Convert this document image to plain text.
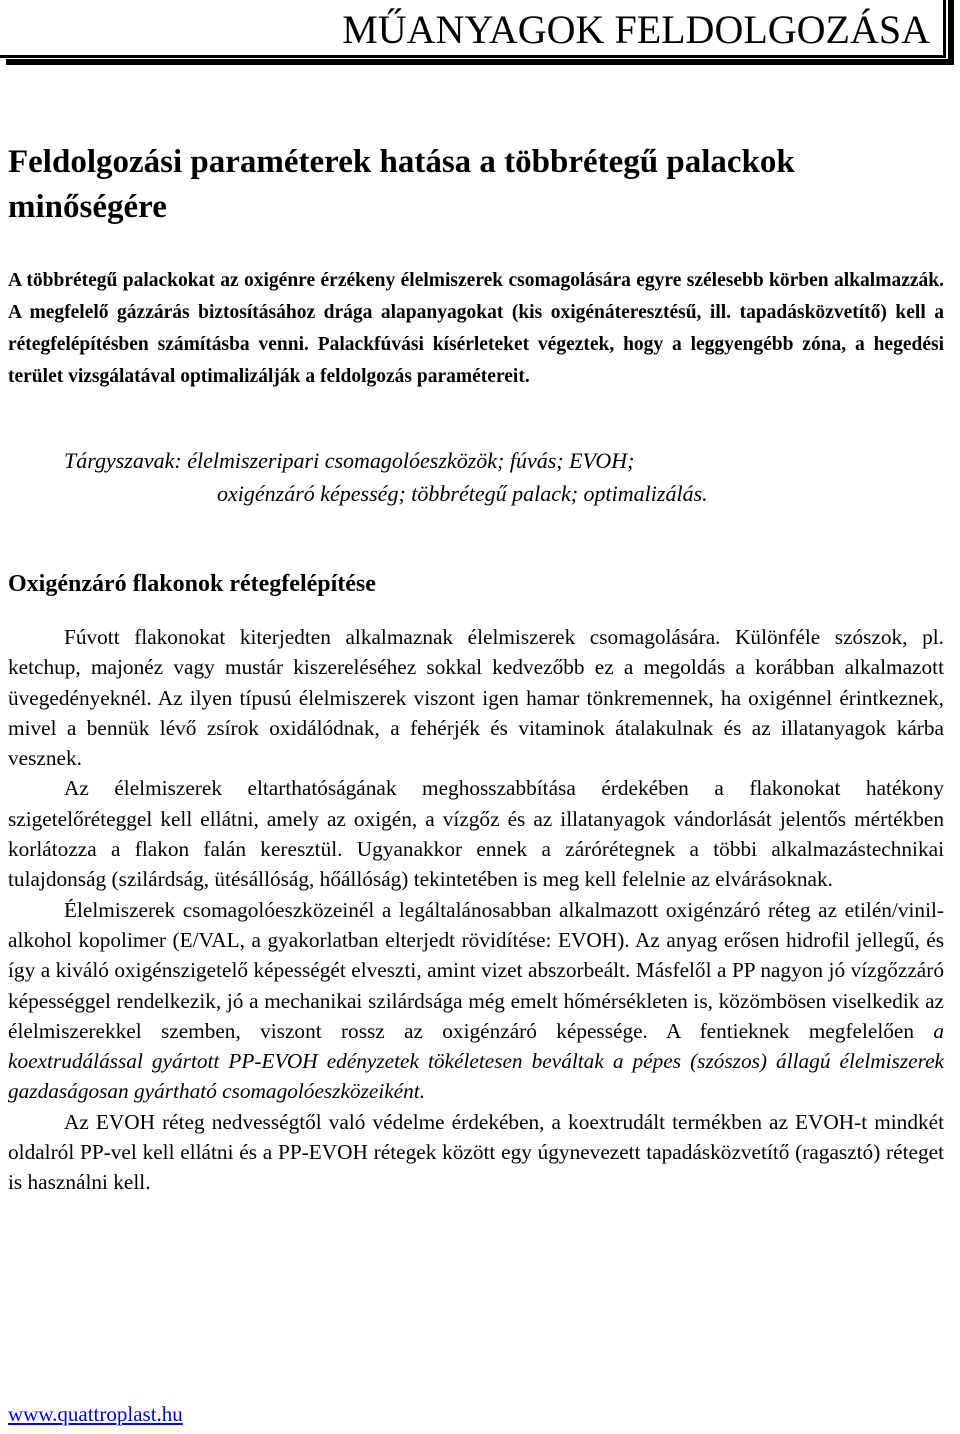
MŰANYAGOK FELDOLGOZÁSA
Feldolgozási paraméterek hatása a többrétegű palackok minőségére

A többrétegű palackokat az oxigénre érzékeny élelmiszerek csomagolására egyre szélesebb körben alkalmazzák. A megfelelő gázzárás biztosításához drága alapanyagokat (kis oxigénáteresztésű, ill. tapadásközvetítő) kell a rétegfelépítésben számításba venni. Palackfúvási kísérleteket végeztek, hogy a leggyengébb zóna, a hegedési terület vizsgálatával optimalizálják a feldolgozás paramétereit.

Tárgyszavak: élelmiszeripari csomagolóeszközök; fúvás; EVOH;
oxigénzáró képesség; többrétegű palack; optimalizálás.

Oxigénzáró flakonok rétegfelépítése

Fúvott flakonokat kiterjedten alkalmaznak élelmiszerek csomagolására. Különféle szószok, pl. ketchup, majonéz vagy mustár kiszereléséhez sokkal kedvezőbb ez a megoldás a korábban alkalmazott üvegedényeknél. Az ilyen típusú élelmiszerek viszont igen hamar tönkremennek, ha oxigénnel érintkeznek, mivel a bennük lévő zsírok oxidálódnak, a fehérjék és vitaminok átalakulnak és az illatanyagok kárba vesznek.

Az élelmiszerek eltarthatóságának meghosszabbítása érdekében a flakonokat hatékony szigetelőréteggel kell ellátni, amely az oxigén, a vízgőz és az illatanyagok vándorlását jelentős mértékben korlátozza a flakon falán keresztül. Ugyanakkor ennek a zárórétegnek a többi alkalmazástechnikai tulajdonság (szilárdság, ütésállóság, hőállóság) tekintetében is meg kell felelnie az elvárásoknak.

Élelmiszerek csomagolóeszközeinél a legáltalánosabban alkalmazott oxigénzáró réteg az etilén/vinil-alkohol kopolimer (E/VAL, a gyakorlatban elterjedt rövidítése: EVOH). Az anyag erősen hidrofil jellegű, és így a kiváló oxigénszigetelő képességét elveszti, amint vizet abszorbeált. Másfelől a PP nagyon jó vízgőzzáró képességgel rendelkezik, jó a mechanikai szilárdsága még emelt hőmérsékleten is, közömbösen viselkedik az élelmiszerekkel szemben, viszont rossz az oxigénzáró képessége. A fentieknek megfelelően a koextrudálással gyártott PP-EVOH edényzetek tökéletesen beváltak a pépes (szószos) állagú élelmiszerek gazdaságosan gyártható csomagolóeszközeiként.

Az EVOH réteg nedvességtől való védelme érdekében, a koextrudált termékben az EVOH-t mindkét oldalról PP-vel kell ellátni és a PP-EVOH rétegek között egy úgynevezett tapadásközvetítő (ragasztó) réteget is használni kell.

www.quattroplast.hu
